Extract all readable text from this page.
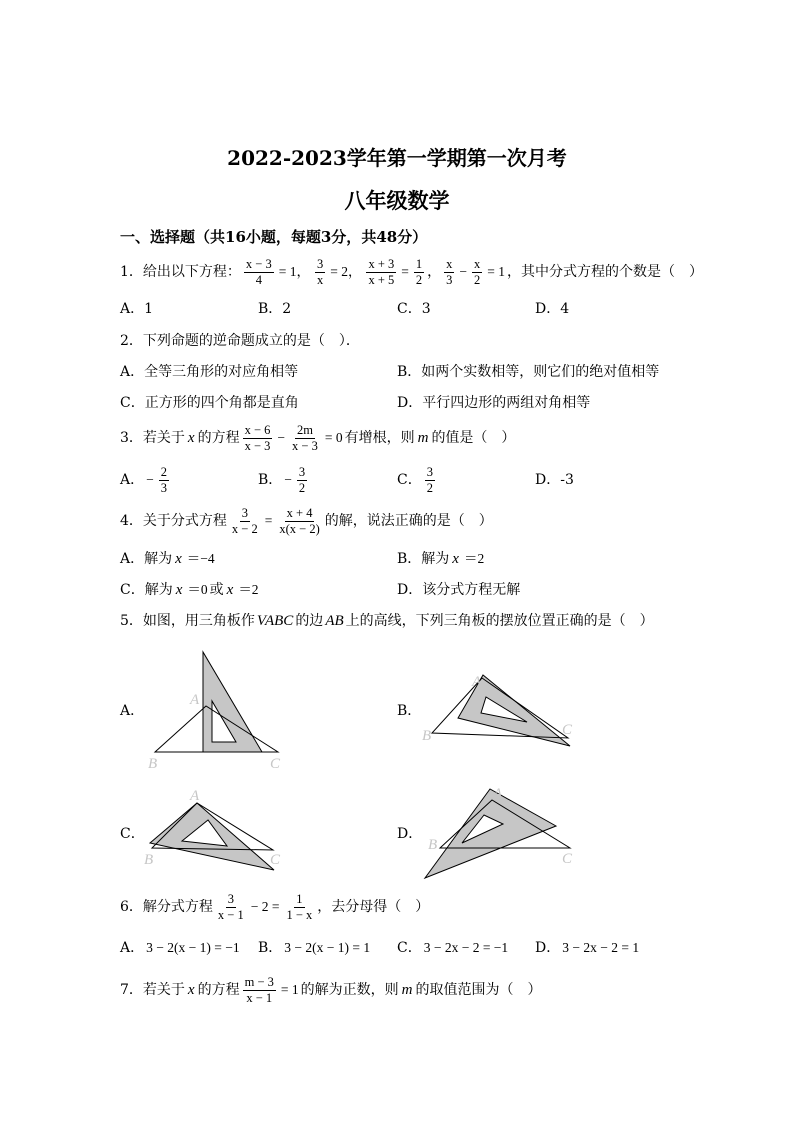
2022-2023学年第一学期第一次月考
八年级数学
一、选择题（共16小题，每题3分，共48分）
1．给出以下方程： $\frac{x - 3}{4} = 1$， $\frac{3}{x} = 2$， $\frac{x + 3}{x + 5} = \frac{1}{2}$ ， $\frac{x}{3} - \frac{x}{2} = 1$ ，其中分式方程的个数是（　）
A．1	B．2	C．3	D．4
2．下列命题的逆命题成立的是（　）．
A．全等三角形的对应角相等	B．如两个实数相等，则它们的绝对值相等
C．正方形的四个角都是直角	D．平行四边形的两组对角相等
3．若关于 x 的方程 $\frac{x - 6}{x - 3} - \frac{2m}{x - 3} = 0$ 有增根，则 m 的值是（　）
A． − $\frac{2}{3}$	B． − $\frac{3}{2}$	C． $\frac{3}{2}$	D．-3
4．关于分式方程 $\frac{3}{x - 2} = \frac{x + 4}{x(x - 2)}$ 的解，说法正确的是（　）
A．解为 x ＝−4	B．解为 x ＝2
C．解为 x ＝0 或 x ＝2	D．该分式方程无解
5．如图，用三角板作 VABC 的边 AB 上的高线，下列三角板的摆放位置正确的是（　）
A．	B．
C．	D．
A
B	C
A
B	C
A
B	C
A
B
C
6．解分式方程 $\frac{3}{x - 1} - 2 = \frac{1}{1 - x}$ ，去分母得（　）
A． 3 − 2(x − 1) = −1 B． 3 − 2(x − 1) = 1 C． 3 − 2x − 2 = −1 D． 3 − 2x − 2 = 1
7．若关于 x 的方程 $\frac{m - 3}{x - 1} = 1$ 的解为正数，则 m 的取值范围为（　）
